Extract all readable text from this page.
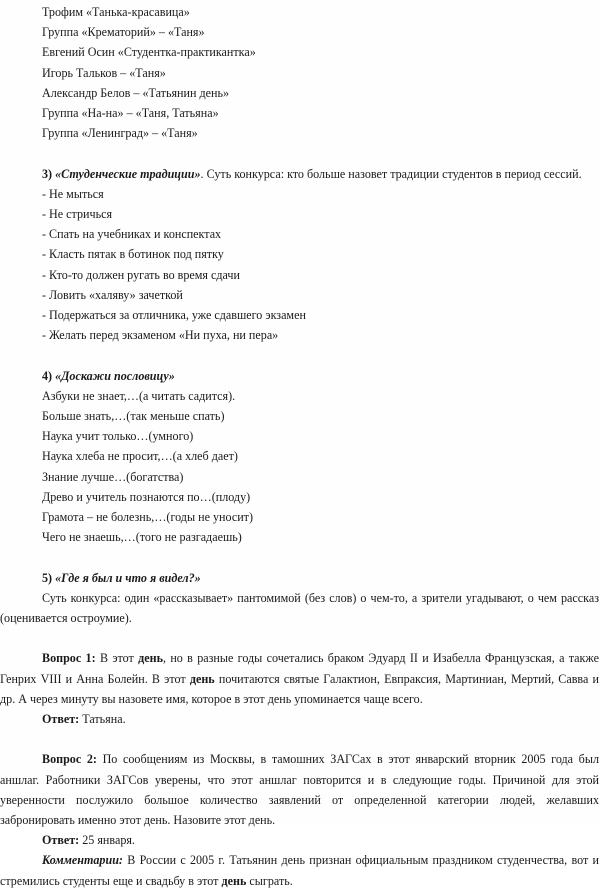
Трофим «Танька-красавица»

Группа «Крематорий» – «Таня»

Евгений Осин «Студентка-практикантка»

Игорь Тальков – «Таня»

Александр Белов – «Татьянин день»

Группа «На-на» – «Таня, Татьяна»

Группа «Ленинград» – «Таня»

3) «Студенческие традиции». Суть конкурса: кто больше назовет традиции студентов в период сессий.

- Не мыться

- Не стричься

- Спать на учебниках и конспектах

- Класть пятак в ботинок под пятку

- Кто-то должен ругать во время сдачи

- Ловить «халяву» зачеткой

- Подержаться за отличника, уже сдавшего экзамен

- Желать перед экзаменом «Ни пуха, ни пера»

4) «Доскажи пословицу»

Азбуки не знает,…(а читать садится).

Больше знать,…(так меньше спать)

Наука учит только…(умного)

Наука хлеба не просит,…(а хлеб дает)

Знание лучше…(богатства)

Древо и учитель познаются по…(плоду)

Грамота – не болезнь,…(годы не уносит)

Чего не знаешь,…(того не разгадаешь)

5) «Где я был и что я видел?»

Суть конкурса: один «рассказывает» пантомимой (без слов) о чем-то, а зрители угадывают, о чем рассказ (оценивается остроумие).

Вопрос 1: В этот день, но в разные годы сочетались браком Эдуард II и Изабелла Французская, а также Генрих VIII и Анна Болейн. В этот день почитаются святые Галактион, Евпраксия, Мартиниан, Мертий, Савва и др. А через минуту вы назовете имя, которое в этот день упоминается чаще всего.

Ответ: Татьяна.

Вопрос 2: По сообщениям из Москвы, в тамошних ЗАГСах в этот январский вторник 2005 года был аншлаг. Работники ЗАГСов уверены, что этот аншлаг повторится и в следующие годы. Причиной для этой уверенности послужило большое количество заявлений от определенной категории людей, желавших забронировать именно этот день. Назовите этот день.

Ответ: 25 января.

Комментарии: В России с 2005 г. Татьянин день признан официальным праздником студенчества, вот и стремились студенты еще и свадьбу в этот день сыграть.
